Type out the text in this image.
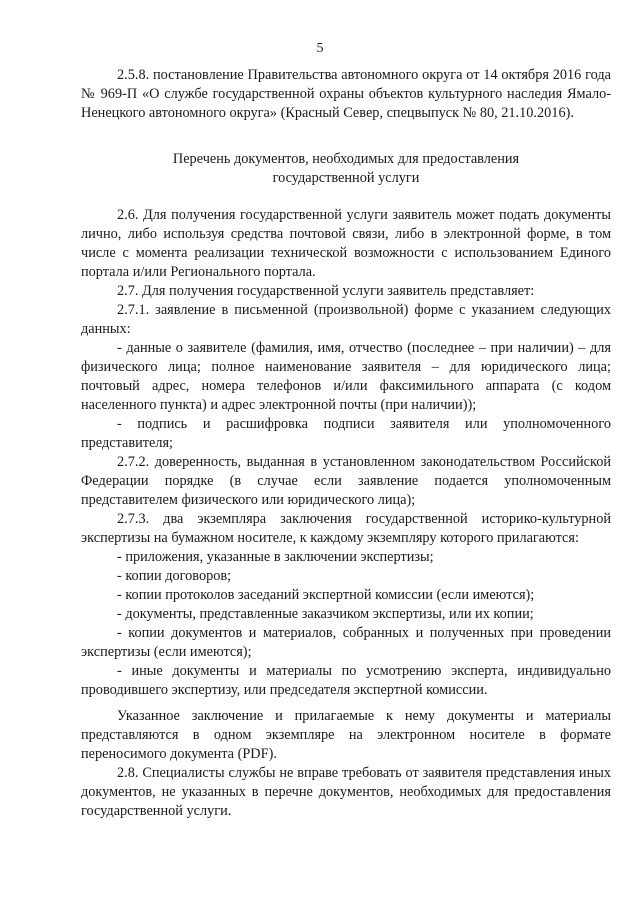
5

2.5.8. постановление Правительства автономного округа от 14 октября 2016 года № 969-П «О службе государственной охраны объектов культурного наследия Ямало-Ненецкого автономного округа» (Красный Север, спецвыпуск № 80, 21.10.2016).

Перечень документов, необходимых для предоставления

государственной услуги

2.6. Для получения государственной услуги заявитель может подать документы лично, либо используя средства почтовой связи, либо в электронной форме, в том числе с момента реализации технической возможности с использованием Единого портала и/или Регионального портала.

2.7. Для получения государственной услуги заявитель представляет:

2.7.1. заявление в письменной (произвольной) форме с указанием следующих данных:

- данные о заявителе (фамилия, имя, отчество (последнее – при наличии) – для физического лица; полное наименование заявителя – для юридического лица; почтовый адрес, номера телефонов и/или факсимильного аппарата (с кодом населенного пункта) и адрес электронной почты (при наличии));

- подпись и расшифровка подписи заявителя или уполномоченного представителя;

2.7.2. доверенность, выданная в установленном законодательством Российской Федерации порядке (в случае если заявление подается уполномоченным представителем физического или юридического лица);

2.7.3. два экземпляра заключения государственной историко-культурной экспертизы на бумажном носителе, к каждому экземпляру которого прилагаются:

- приложения, указанные в заключении экспертизы;

- копии договоров;

- копии протоколов заседаний экспертной комиссии (если имеются);

- документы, представленные заказчиком экспертизы, или их копии;

- копии документов и материалов, собранных и полученных при проведении экспертизы (если имеются);

- иные документы и материалы по усмотрению эксперта, индивидуально проводившего экспертизу, или председателя экспертной комиссии.

Указанное заключение и прилагаемые к нему документы и материалы представляются в одном экземпляре на электронном носителе в формате переносимого документа (PDF).

2.8. Специалисты службы не вправе требовать от заявителя представления иных документов, не указанных в перечне документов, необходимых для предоставления государственной услуги.
